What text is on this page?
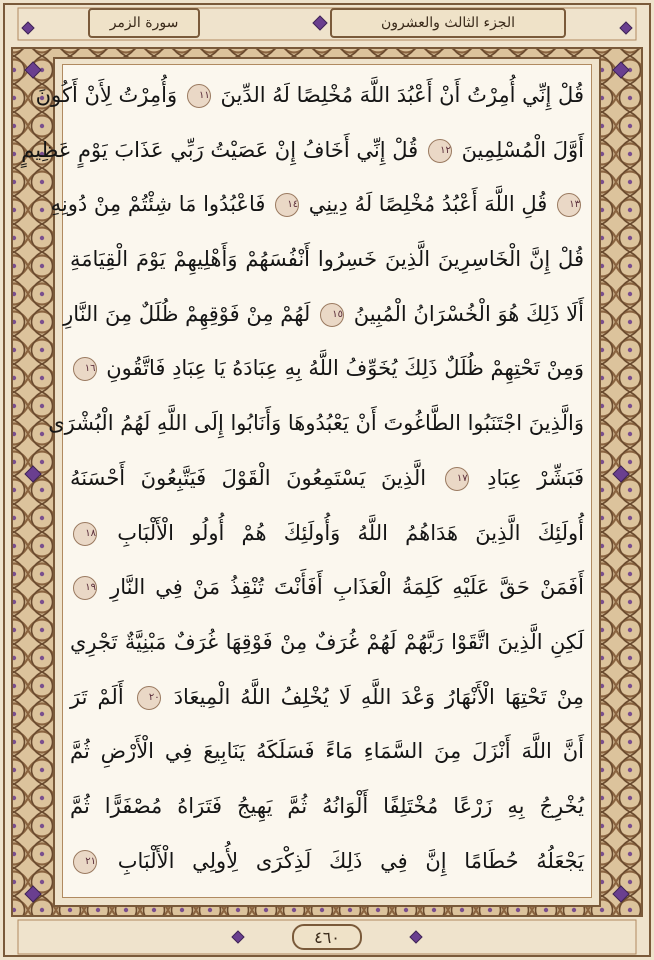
سورة الزمر	الجزء الثالث والعشرون
قُلْ إِنِّي أُمِرْتُ أَنْ أَعْبُدَ اللَّهَ مُخْلِصًا لَهُ الدِّينَ ١١ وَأُمِرْتُ لِأَنْ أَكُونَ
أَوَّلَ الْمُسْلِمِينَ ١٢ قُلْ إِنِّي أَخَافُ إِنْ عَصَيْتُ رَبِّي عَذَابَ يَوْمٍ عَظِيمٍ
١٣ قُلِ اللَّهَ أَعْبُدُ مُخْلِصًا لَهُ دِينِي ١٤ فَاعْبُدُوا مَا شِئْتُمْ مِنْ دُونِهِ
قُلْ إِنَّ الْخَاسِرِينَ الَّذِينَ خَسِرُوا أَنْفُسَهُمْ وَأَهْلِيهِمْ يَوْمَ الْقِيَامَةِ
أَلَا ذَلِكَ هُوَ الْخُسْرَانُ الْمُبِينُ ١٥ لَهُمْ مِنْ فَوْقِهِمْ ظُلَلٌ مِنَ النَّارِ
وَمِنْ تَحْتِهِمْ ظُلَلٌ ذَلِكَ يُخَوِّفُ اللَّهُ بِهِ عِبَادَهُ يَا عِبَادِ فَاتَّقُونِ ١٦
وَالَّذِينَ اجْتَنَبُوا الطَّاغُوتَ أَنْ يَعْبُدُوهَا وَأَنَابُوا إِلَى اللَّهِ لَهُمُ الْبُشْرَى
فَبَشِّرْ عِبَادِ ١٧ الَّذِينَ يَسْتَمِعُونَ الْقَوْلَ فَيَتَّبِعُونَ أَحْسَنَهُ
أُولَئِكَ الَّذِينَ هَدَاهُمُ اللَّهُ وَأُولَئِكَ هُمْ أُولُو الْأَلْبَابِ ١٨
أَفَمَنْ حَقَّ عَلَيْهِ كَلِمَةُ الْعَذَابِ أَفَأَنْتَ تُنْقِذُ مَنْ فِي النَّارِ ١٩
لَكِنِ الَّذِينَ اتَّقَوْا رَبَّهُمْ لَهُمْ غُرَفٌ مِنْ فَوْقِهَا غُرَفٌ مَبْنِيَّةٌ تَجْرِي
مِنْ تَحْتِهَا الْأَنْهَارُ وَعْدَ اللَّهِ لَا يُخْلِفُ اللَّهُ الْمِيعَادَ ٢٠ أَلَمْ تَرَ
أَنَّ اللَّهَ أَنْزَلَ مِنَ السَّمَاءِ مَاءً فَسَلَكَهُ يَنَابِيعَ فِي الْأَرْضِ ثُمَّ
يُخْرِجُ بِهِ زَرْعًا مُخْتَلِفًا أَلْوَانُهُ ثُمَّ يَهِيجُ فَتَرَاهُ مُصْفَرًّا ثُمَّ
يَجْعَلُهُ حُطَامًا إِنَّ فِي ذَلِكَ لَذِكْرَى لِأُولِي الْأَلْبَابِ ٢١
٤٦٠
